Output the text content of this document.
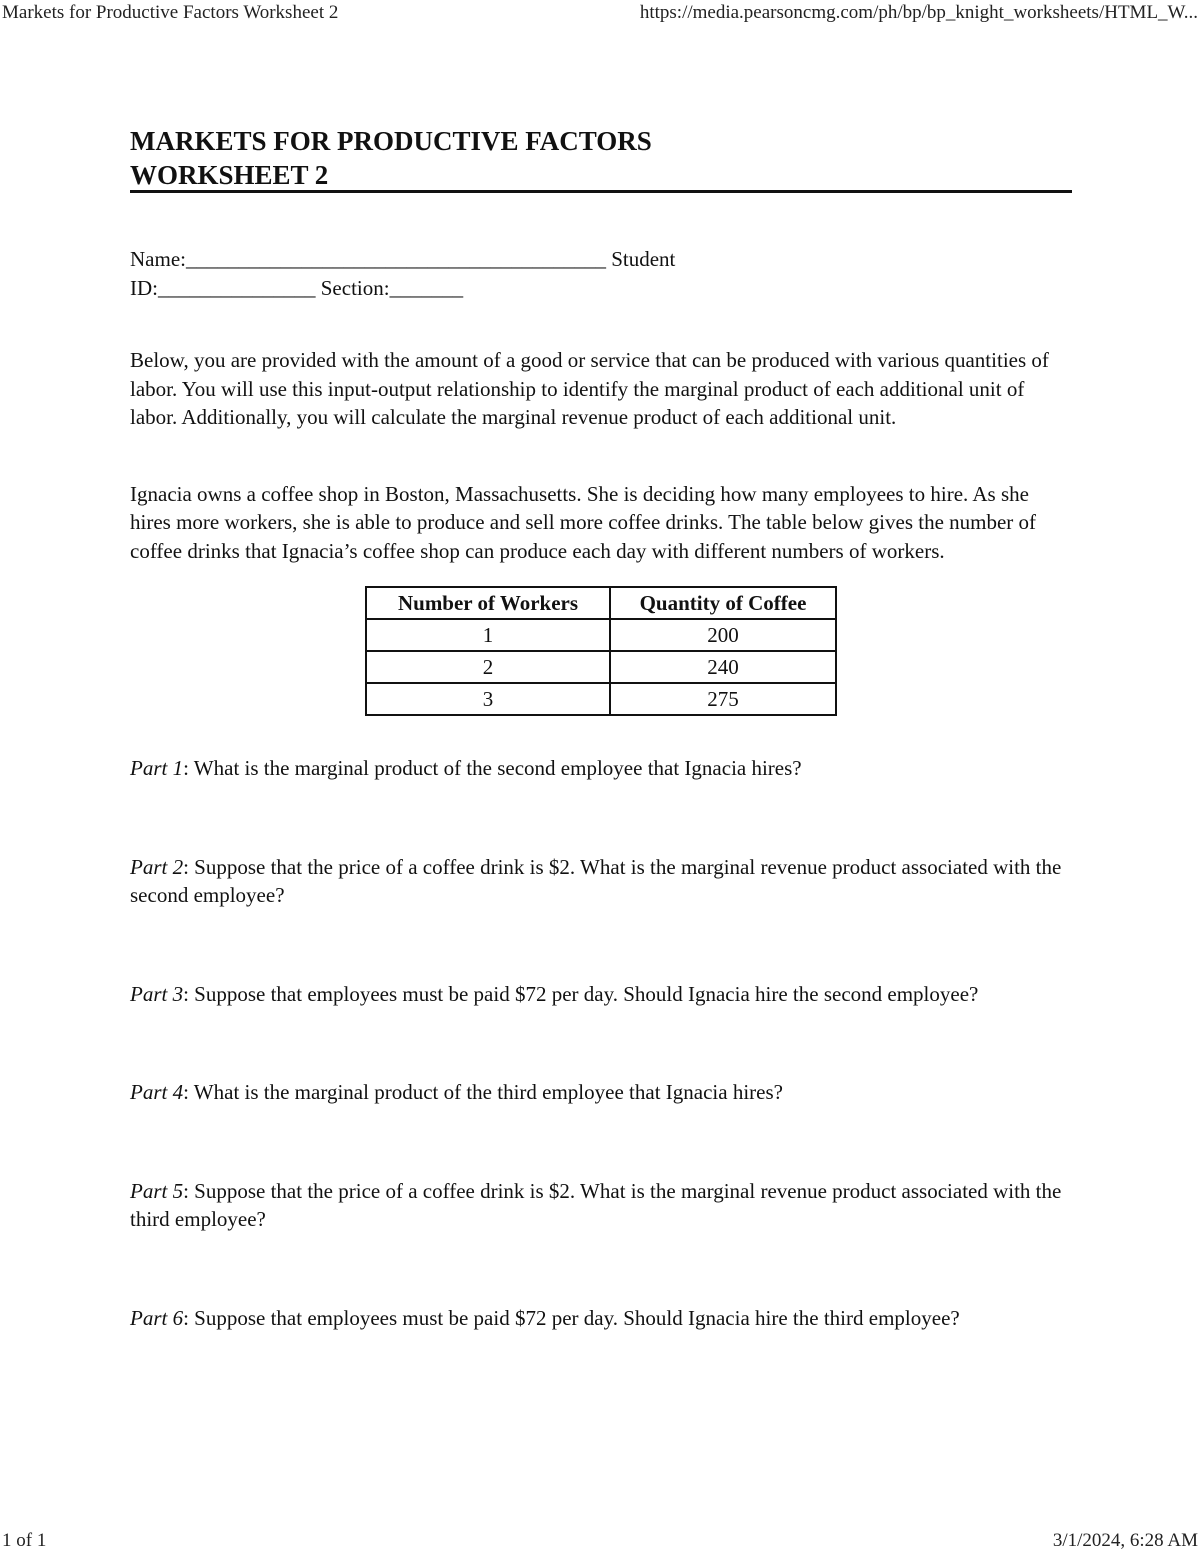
Markets for Productive Factors Worksheet 2	https://media.pearsoncmg.com/ph/bp/bp_knight_worksheets/HTML_W...
MARKETS FOR PRODUCTIVE FACTORS
WORKSHEET 2

Name:________________________________________ Student ID:_______________ Section:_______

Below, you are provided with the amount of a good or service that can be produced with various quantities of labor. You will use this input-output relationship to identify the marginal product of each additional unit of labor. Additionally, you will calculate the marginal revenue product of each additional unit.

Ignacia owns a coffee shop in Boston, Massachusetts. She is deciding how many employees to hire. As she hires more workers, she is able to produce and sell more coffee drinks. The table below gives the number of coffee drinks that Ignacia’s coffee shop can produce each day with different numbers of workers.

Number of Workers	Quantity of Coffee
1	200
2	240
3	275

Part 1: What is the marginal product of the second employee that Ignacia hires?

Part 2: Suppose that the price of a coffee drink is $2. What is the marginal revenue product associated with the second employee?

Part 3: Suppose that employees must be paid $72 per day. Should Ignacia hire the second employee?

Part 4: What is the marginal product of the third employee that Ignacia hires?

Part 5: Suppose that the price of a coffee drink is $2. What is the marginal revenue product associated with the third employee?

Part 6: Suppose that employees must be paid $72 per day. Should Ignacia hire the third employee?

1 of 1	3/1/2024, 6:28 AM
